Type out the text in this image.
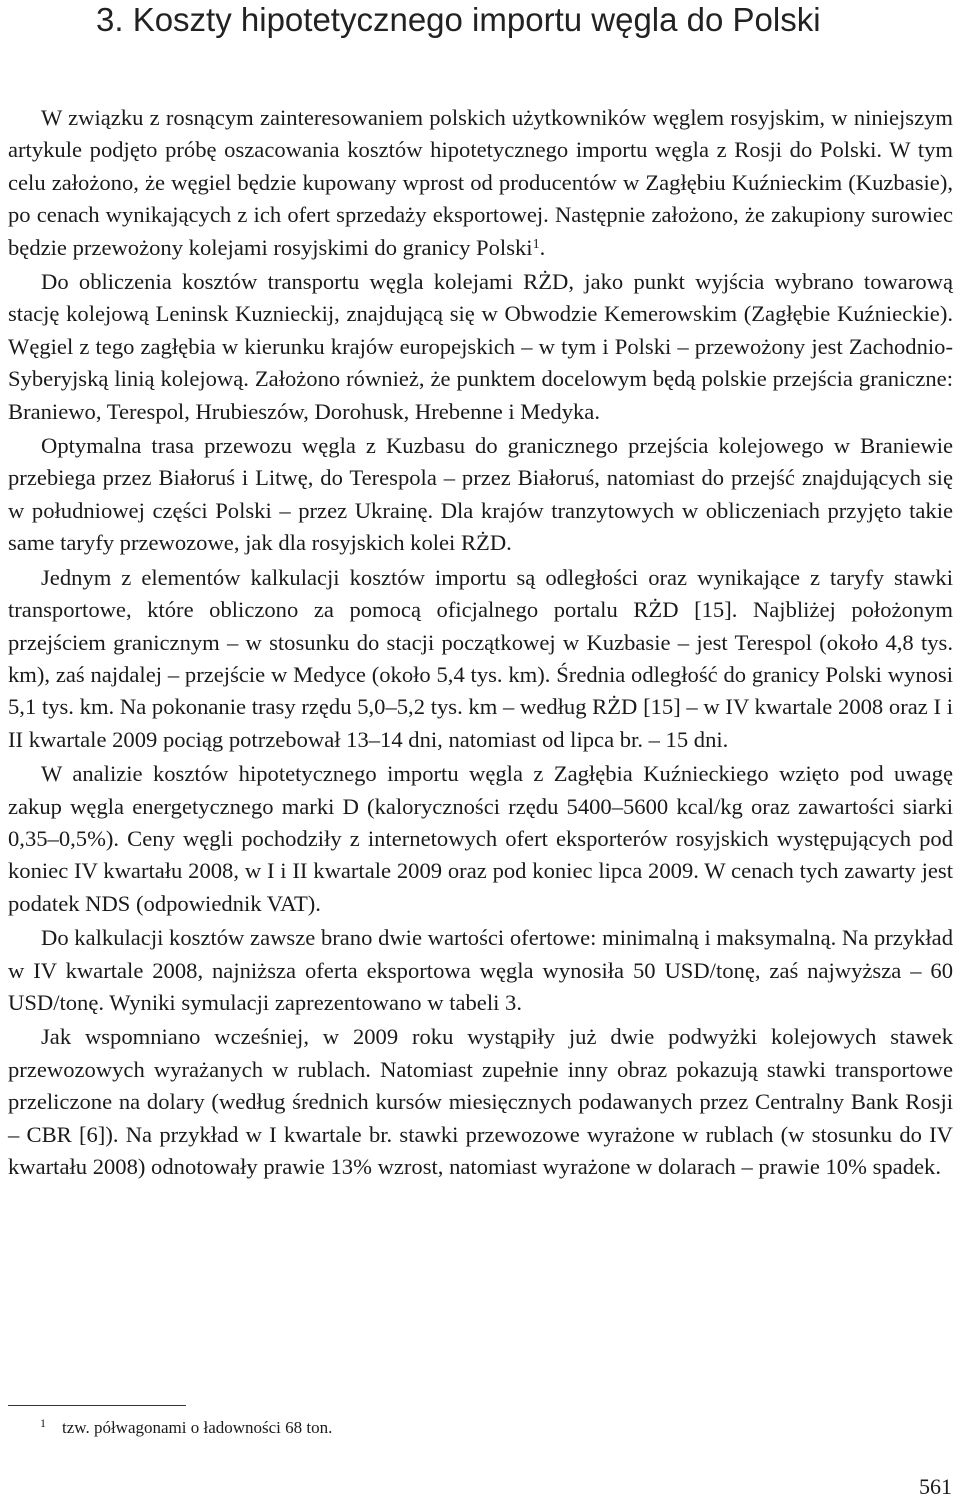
3. Koszty hipotetycznego importu węgla do Polski

W związku z rosnącym zainteresowaniem polskich użytkowników węglem rosyjskim, w niniejszym artykule podjęto próbę oszacowania kosztów hipotetycznego importu węgla z Rosji do Polski. W tym celu założono, że węgiel będzie kupowany wprost od producentów w Zagłębiu Kuźnieckim (Kuzbasie), po cenach wynikających z ich ofert sprzedaży eksportowej. Następnie założono, że zakupiony surowiec będzie przewożony kolejami rosyjskimi do granicy Polski$^1$.

Do obliczenia kosztów transportu węgla kolejami RŻD, jako punkt wyjścia wybrano towarową stację kolejową Leninsk Kuznieckij, znajdującą się w Obwodzie Kemerowskim (Zagłębie Kuźnieckie). Węgiel z tego zagłębia w kierunku krajów europejskich – w tym i Polski – przewożony jest Zachodnio-Syberyjską linią kolejową. Założono również, że punktem docelowym będą polskie przejścia graniczne: Braniewo, Terespol, Hrubieszów, Dorohusk, Hrebenne i Medyka.

Optymalna trasa przewozu węgla z Kuzbasu do granicznego przejścia kolejowego w Braniewie przebiega przez Białoruś i Litwę, do Terespola – przez Białoruś, natomiast do przejść znajdujących się w południowej części Polski – przez Ukrainę. Dla krajów tranzytowych w obliczeniach przyjęto takie same taryfy przewozowe, jak dla rosyjskich kolei RŻD.

Jednym z elementów kalkulacji kosztów importu są odległości oraz wynikające z taryfy stawki transportowe, które obliczono za pomocą oficjalnego portalu RŻD [15]. Najbliżej położonym przejściem granicznym – w stosunku do stacji początkowej w Kuzbasie – jest Terespol (około 4,8 tys. km), zaś najdalej – przejście w Medyce (około 5,4 tys. km). Średnia odległość do granicy Polski wynosi 5,1 tys. km. Na pokonanie trasy rzędu 5,0–5,2 tys. km – według RŻD [15] – w IV kwartale 2008 oraz I i II kwartale 2009 pociąg potrzebował 13–14 dni, natomiast od lipca br. – 15 dni.

W analizie kosztów hipotetycznego importu węgla z Zagłębia Kuźnieckiego wzięto pod uwagę zakup węgla energetycznego marki D (kaloryczności rzędu 5400–5600 kcal/kg oraz zawartości siarki 0,35–0,5%). Ceny węgli pochodziły z internetowych ofert eksporterów rosyjskich występujących pod koniec IV kwartału 2008, w I i II kwartale 2009 oraz pod koniec lipca 2009. W cenach tych zawarty jest podatek NDS (odpowiednik VAT).

Do kalkulacji kosztów zawsze brano dwie wartości ofertowe: minimalną i maksymalną. Na przykład w IV kwartale 2008, najniższa oferta eksportowa węgla wynosiła 50 USD/tonę, zaś najwyższa – 60 USD/tonę. Wyniki symulacji zaprezentowano w tabeli 3.

Jak wspomniano wcześniej, w 2009 roku wystąpiły już dwie podwyżki kolejowych stawek przewozowych wyrażanych w rublach. Natomiast zupełnie inny obraz pokazują stawki transportowe przeliczone na dolary (według średnich kursów miesięcznych podawanych przez Centralny Bank Rosji – CBR [6]). Na przykład w I kwartale br. stawki przewozowe wyrażone w rublach (w stosunku do IV kwartału 2008) odnotowały prawie 13% wzrost, natomiast wyrażone w dolarach – prawie 10% spadek.

1 tzw. półwagonami o ładowności 68 ton.
561
